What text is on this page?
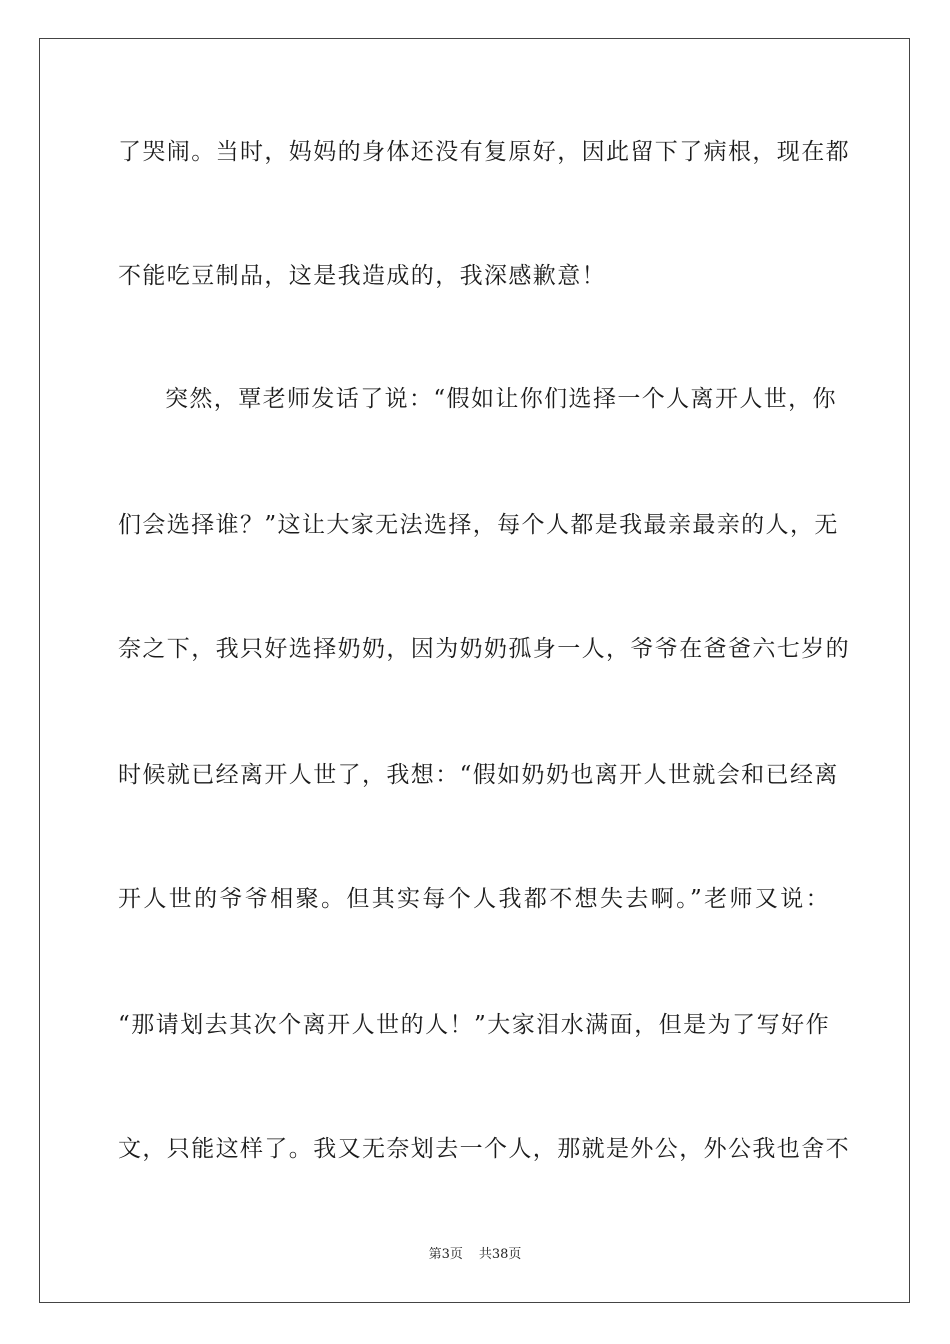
了哭闹。当时，妈妈的身体还没有复原好，因此留下了病根，现在都
不能吃豆制品，这是我造成的，我深感歉意！
突然，覃老师发话了说：“假如让你们选择一个人离开人世，你
们会选择谁？”这让大家无法选择，每个人都是我最亲最亲的人，无
奈之下，我只好选择奶奶，因为奶奶孤身一人，爷爷在爸爸六七岁的
时候就已经离开人世了，我想：“假如奶奶也离开人世就会和已经离
开人世的爷爷相聚。但其实每个人我都不想失去啊。”老师又说：
“那请划去其次个离开人世的人！”大家泪水满面，但是为了写好作
文，只能这样了。我又无奈划去一个人，那就是外公，外公我也舍不
第3页 共38页
